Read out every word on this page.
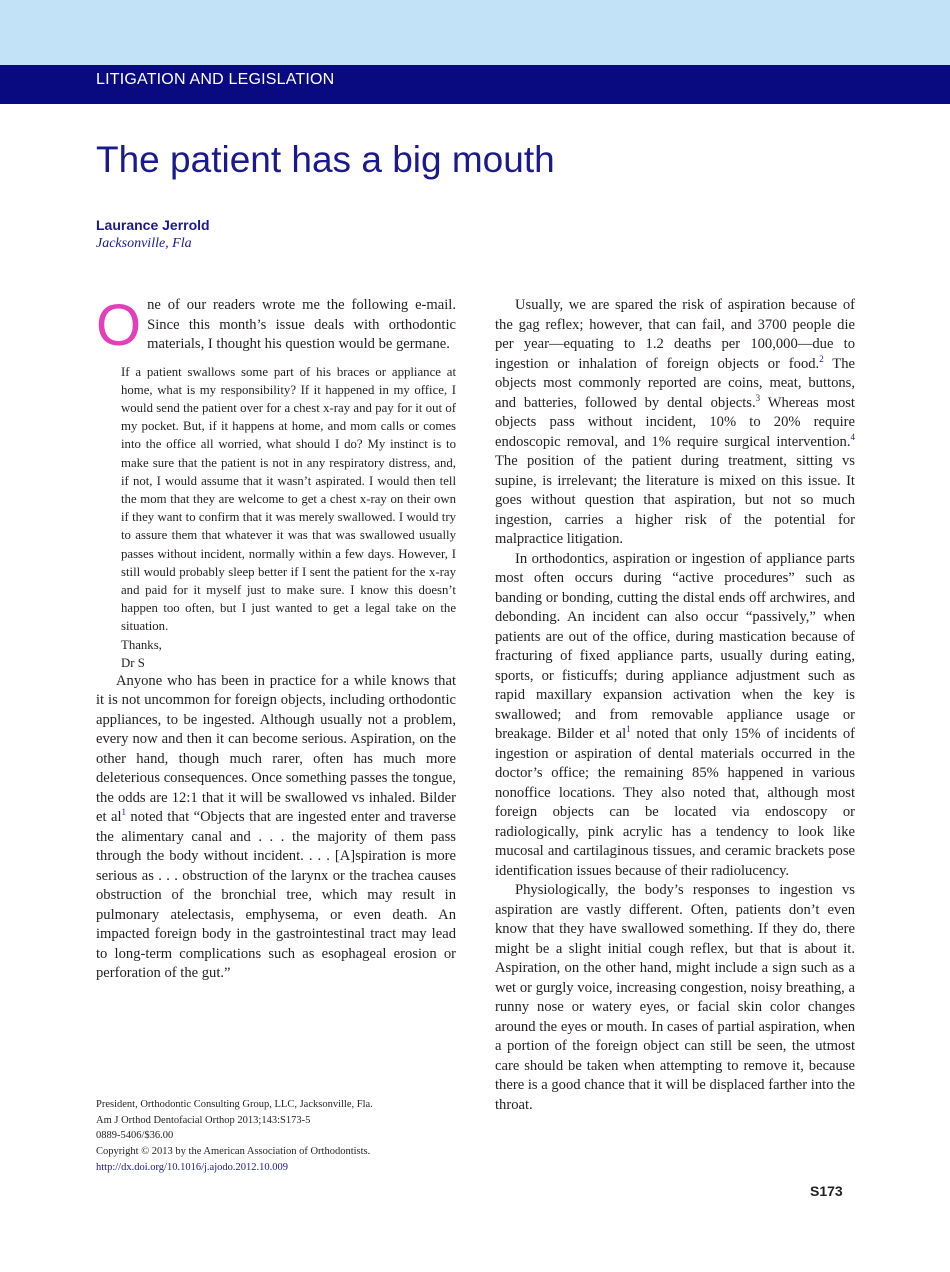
LITIGATION AND LEGISLATION
AJO-DO
The patient has a big mouth
Laurance Jerrold
Jacksonville, Fla

One of our readers wrote me the following e-mail. Since this month’s issue deals with orthodontic materials, I thought his question would be germane.

If a patient swallows some part of his braces or appliance at home, what is my responsibility? If it happened in my office, I would send the patient over for a chest x-ray and pay for it out of my pocket. But, if it happens at home, and mom calls or comes into the office all worried, what should I do? My instinct is to make sure that the patient is not in any respiratory distress, and, if not, I would assume that it wasn’t aspirated. I would then tell the mom that they are welcome to get a chest x-ray on their own if they want to confirm that it was merely swallowed. I would try to assure them that whatever it was that was swallowed usually passes without incident, normally within a few days. However, I still would probably sleep better if I sent the patient for the x-ray and paid for it myself just to make sure. I know this doesn’t happen too often, but I just wanted to get a legal take on the situation.

Thanks,

Dr S

Anyone who has been in practice for a while knows that it is not uncommon for foreign objects, including orthodontic appliances, to be ingested. Although usually not a problem, every now and then it can become serious. Aspiration, on the other hand, though much rarer, often has much more deleterious consequences. Once something passes the tongue, the odds are 12:1 that it will be swallowed vs inhaled. Bilder et $al^1$ noted that “Objects that are ingested enter and traverse the alimentary canal and . . . the majority of them pass through the body without incident. . . . [A]spiration is more serious as . . . obstruction of the larynx or the trachea causes obstruction of the bronchial tree, which may result in pulmonary atelectasis, emphysema, or even death. An impacted foreign body in the gastrointestinal tract may lead to long-term complications such as esophageal erosion or perforation of the gut.”

Usually, we are spared the risk of aspiration because of the gag reflex; however, that can fail, and 3700 people die per year—equating to 1.2 deaths per 100,000—due to ingestion or inhalation of foreign objects or food.$^2$ The objects most commonly reported are coins, meat, buttons, and batteries, followed by dental objects.$^3$ Whereas most objects pass without incident, 10% to 20% require endoscopic removal, and 1% require surgical intervention.$^4$ The position of the patient during treatment, sitting vs supine, is irrelevant; the literature is mixed on this issue. It goes without question that aspiration, but not so much ingestion, carries a higher risk of the potential for malpractice litigation.

In orthodontics, aspiration or ingestion of appliance parts most often occurs during “active procedures” such as banding or bonding, cutting the distal ends off archwires, and debonding. An incident can also occur “passively,” when patients are out of the office, during mastication because of fracturing of fixed appliance parts, usually during eating, sports, or fisticuffs; during appliance adjustment such as rapid maxillary expansion activation when the key is swallowed; and from removable appliance usage or breakage. Bilder et $al^1$ noted that only 15% of incidents of ingestion or aspiration of dental materials occurred in the doctor’s office; the remaining 85% happened in various nonoffice locations. They also noted that, although most foreign objects can be located via endoscopy or radiologically, pink acrylic has a tendency to look like mucosal and cartilaginous tissues, and ceramic brackets pose identification issues because of their radiolucency.

Physiologically, the body’s responses to ingestion vs aspiration are vastly different. Often, patients don’t even know that they have swallowed something. If they do, there might be a slight initial cough reflex, but that is about it. Aspiration, on the other hand, might include a sign such as a wet or gurgly voice, increasing congestion, noisy breathing, a runny nose or watery eyes, or facial skin color changes around the eyes or mouth. In cases of partial aspiration, when a portion of the foreign object can still be seen, the utmost care should be taken when attempting to remove it, because there is a good chance that it will be displaced farther into the throat.

President, Orthodontic Consulting Group, LLC, Jacksonville, Fla.
Am J Orthod Dentofacial Orthop 2013;143:S173-5
0889-5406/$36.00
Copyright © 2013 by the American Association of Orthodontists.
http://dx.doi.org/10.1016/j.ajodo.2012.10.009
S173
